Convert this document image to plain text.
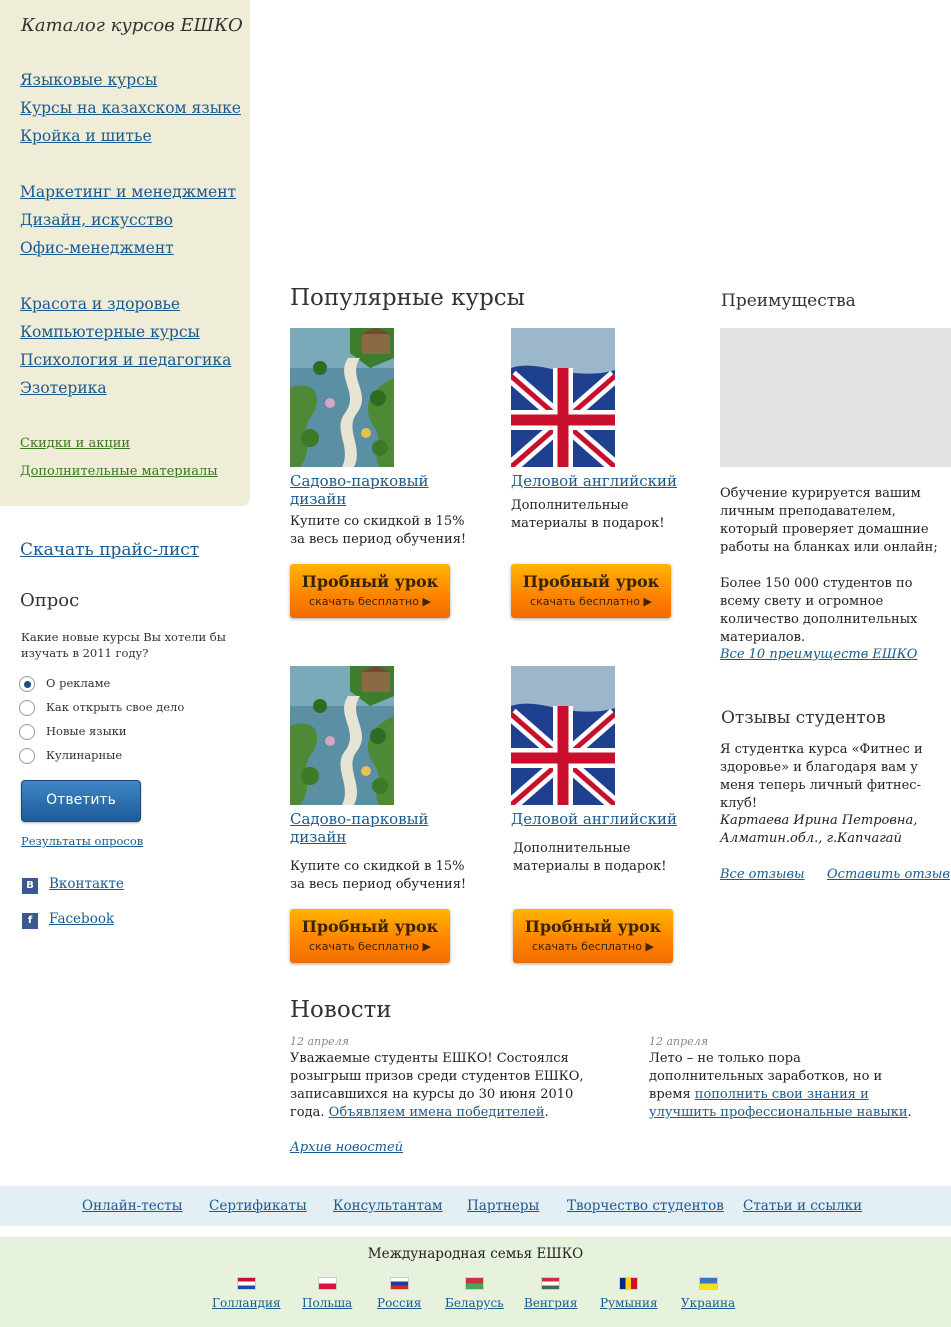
Каталог курсов ЕШКО
Языковые курсы
Курсы на казахском языке
Кройка и шитье
Маркетинг и менеджмент
Дизайн, искусство
Офис-менеджмент
Красота и здоровье
Компьютерные курсы
Психология и педагогика
Эзотерика
Скидки и акции
Дополнительные материалы
Скачать прайс-лист
Опрос
Какие новые курсы Вы хотели бы изучать в 2011 году?
О рекламе
Как открыть свое дело
Новые языки
Кулинарные
Ответить
Результаты опросов
В	Вконтакте
f	Facebook
Популярные курсы
Садово-парковый дизайн
Купите со скидкой в 15% за весь период обучения!
Пробный урок
скачать бесплатно ▶
Деловой английский
Дополнительные материалы в подарок!
Пробный урок
скачать бесплатно ▶
Садово-парковый дизайн
Купите со скидкой в 15% за весь период обучения!
Пробный урок
скачать бесплатно ▶
Деловой английский
Дополнительные материалы в подарок!
Пробный урок
скачать бесплатно ▶
Преимущества
Обучение курируется вашим личным преподавателем, который проверяет домашние работы на бланках или онлайн;
Более 150 000 студентов по всему свету и огромное количество дополнительных материалов.
Все 10 преимуществ ЕШКО
Отзывы студентов
Я студентка курса «Фитнес и здоровье» и благодаря вам у меня теперь личный фитнес-клуб!
Картаева Ирина Петровна, Алматин.обл., г.Капчагай
Все отзывы Оставить отзыв
Новости
12 апреля
Уважаемые студенты ЕШКО! Состоялся розыгрыш призов среди студентов ЕШКО, записавшихся на курсы до 30 июня 2010 года. Объявляем имена победителей.
12 апреля
Лето – не только пора дополнительных заработков, но и время пополнить свои знания и улучшить профессиональные навыки.
Архив новостей
Онлайн-тесты Сертификаты Консультантам Партнеры Творчество студентов Статьи и ссылки
Международная семья ЕШКО
Голландия Польша Россия Беларусь Венгрия Румыния Украина
